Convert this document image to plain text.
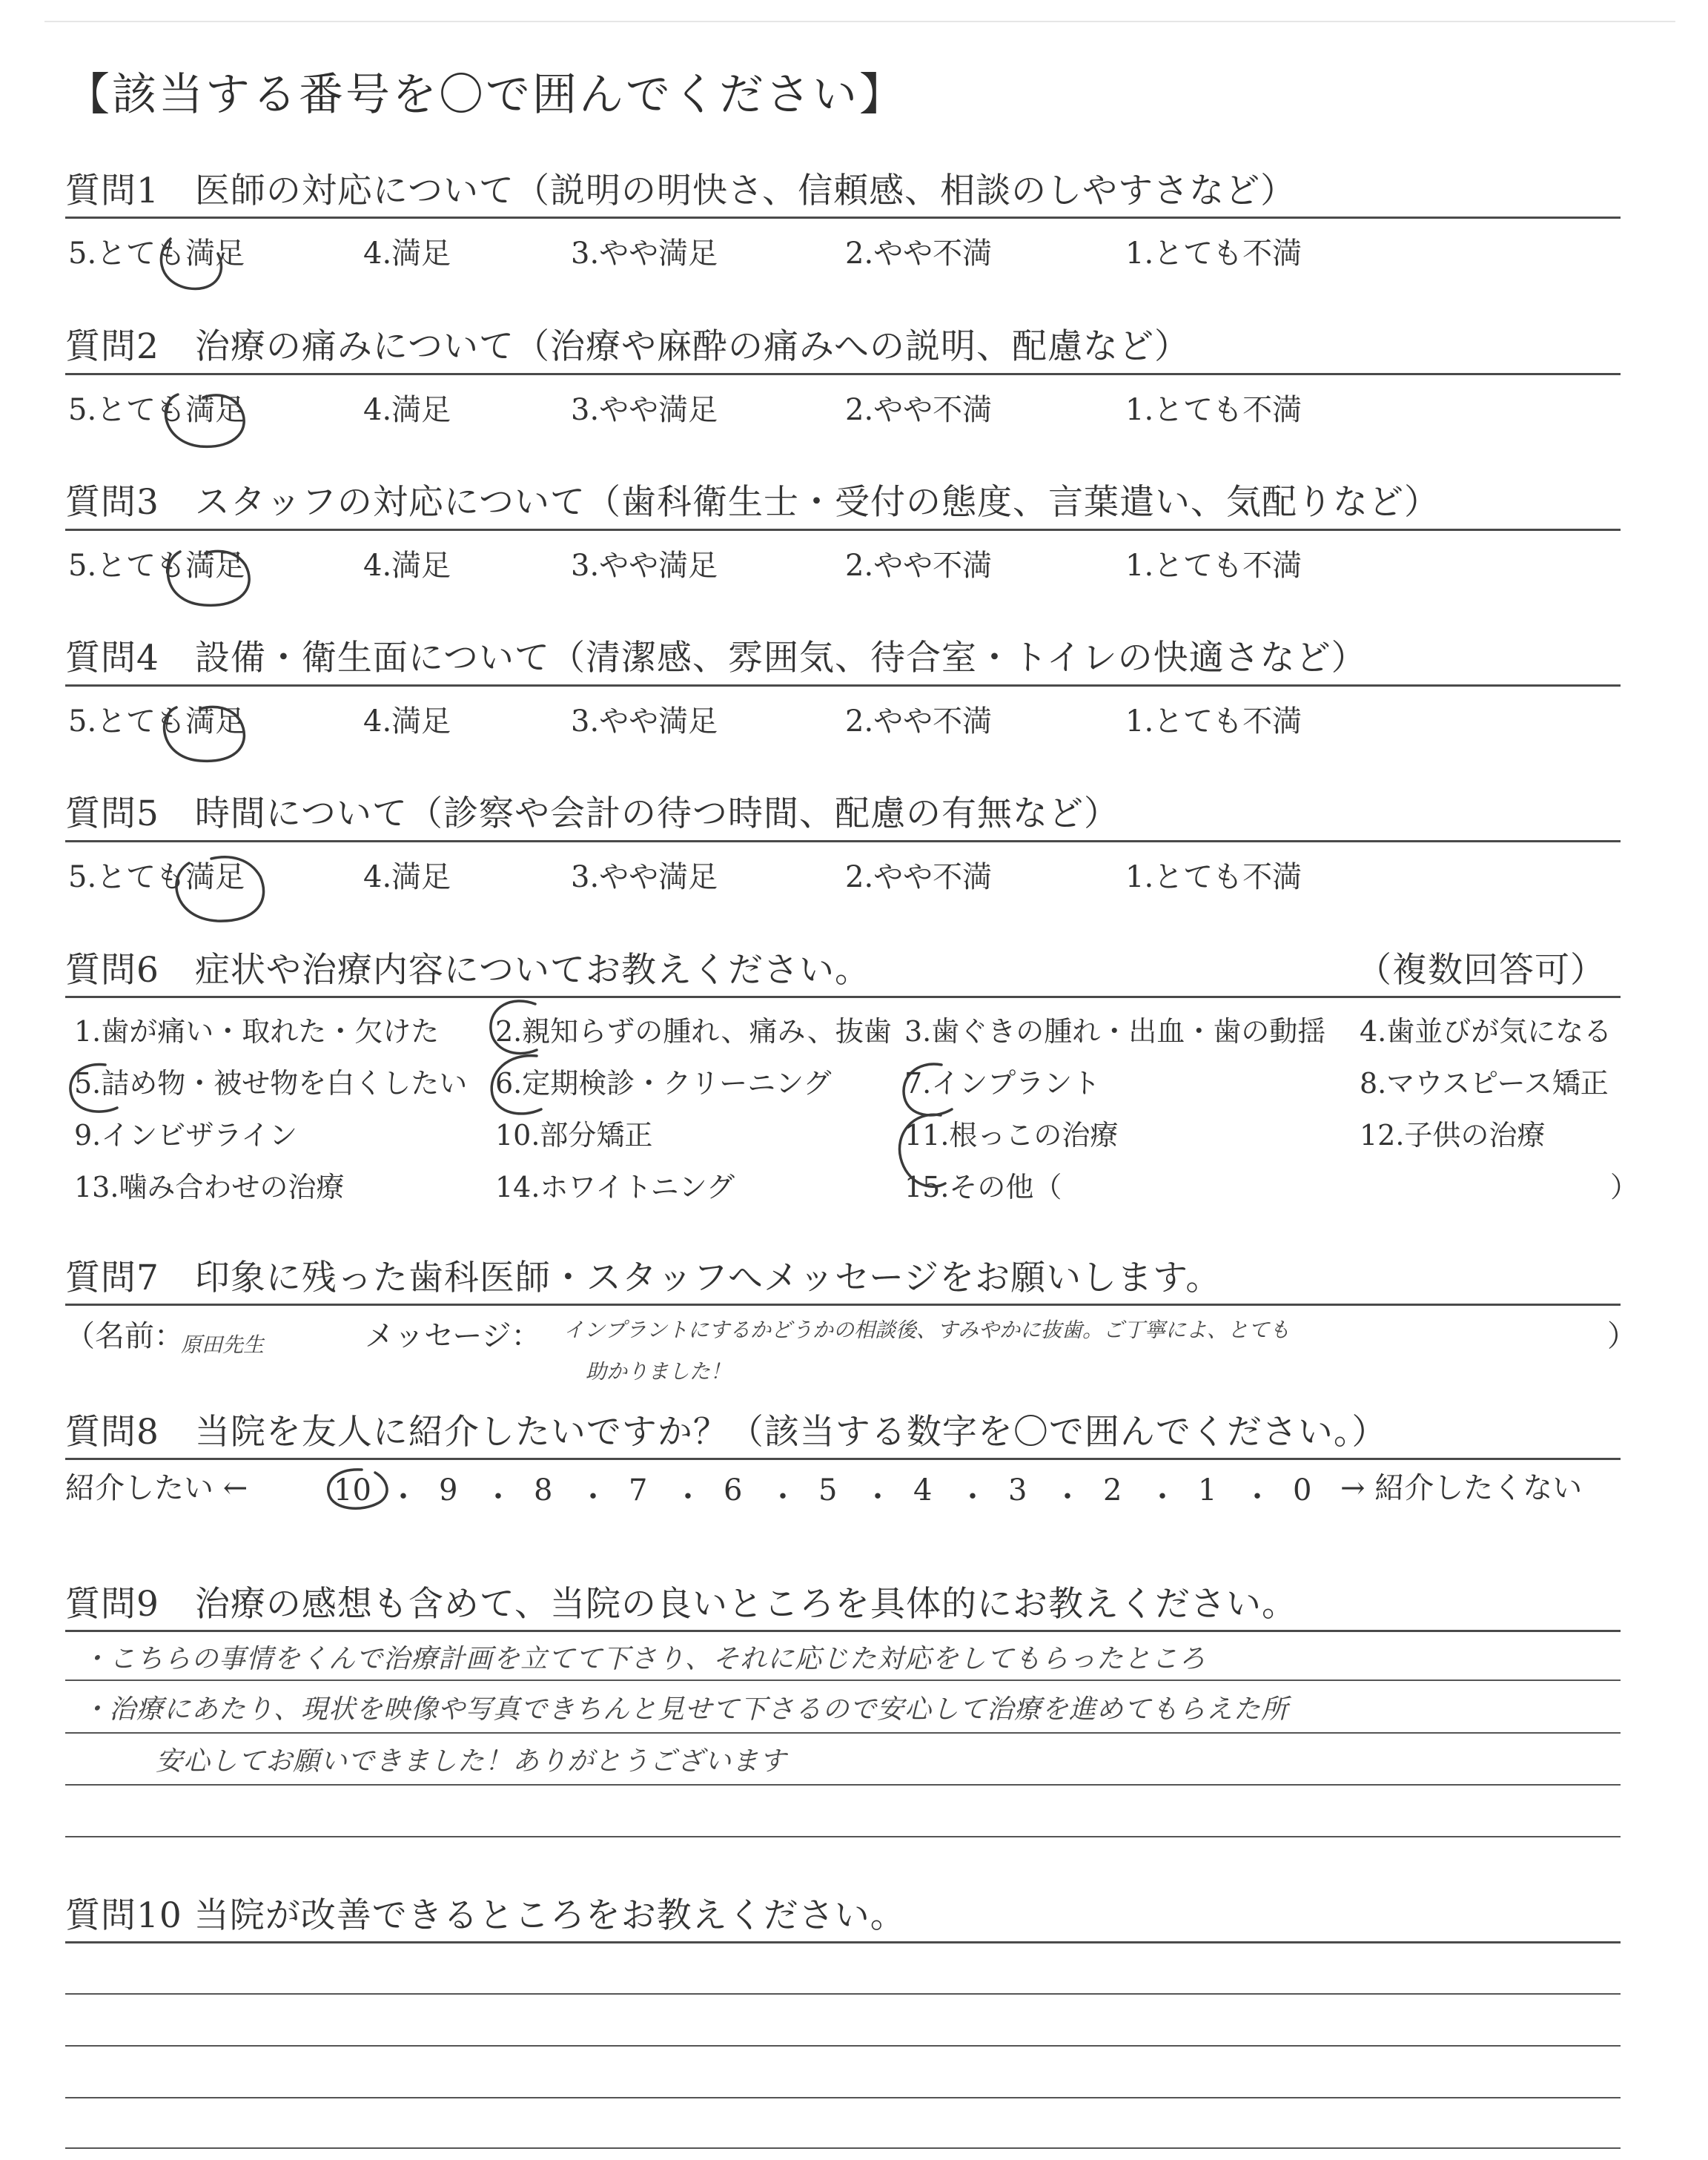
【該当する番号を〇で囲んでください】
質問1　医師の対応について（説明の明快さ、信頼感、相談のしやすさなど）
5.とても満足	4.満足	3.やや満足	2.やや不満	1.とても不満
質問2　治療の痛みについて（治療や麻酔の痛みへの説明、配慮など）
5.とても満足	4.満足	3.やや満足	2.やや不満	1.とても不満
質問3　スタッフの対応について（歯科衛生士・受付の態度、言葉遣い、気配りなど）
5.とても満足	4.満足	3.やや満足	2.やや不満	1.とても不満
質問4　設備・衛生面について（清潔感、雰囲気、待合室・トイレの快適さなど）
5.とても満足	4.満足	3.やや満足	2.やや不満	1.とても不満
質問5　時間について（診察や会計の待つ時間、配慮の有無など）
5.とても満足	4.満足	3.やや満足	2.やや不満	1.とても不満
質問6　症状や治療内容についてお教えください。	（複数回答可）
1.歯が痛い・取れた・欠けた 2.親知らずの腫れ、痛み、抜歯 3.歯ぐきの腫れ・出血・歯の動揺 4.歯並びが気になる
5.詰め物・被せ物を白くしたい 6.定期検診・クリーニング	7.インプラント	8.マウスピース矯正
9.インビザライン	10.部分矯正	11.根っこの治療	12.子供の治療
13.噛み合わせの治療	14.ホワイトニング	15.その他（	）
質問7　印象に残った歯科医師・スタッフへメッセージをお願いします。
（名前：
原田先生	メッセージ： インプラントにするかどうかの相談後、すみやかに抜歯。ご丁寧によ、とても
助かりました！
）
質問8　当院を友人に紹介したいですか？（該当する数字を〇で囲んでください。）
紹介したい ←	→ 紹介したくない
10 ・ 9 ・ 8 ・ 7 ・ 6 ・ 5 ・ 4 ・ 3 ・ 2 ・ 1 ・ 0
質問9　治療の感想も含めて、当院の良いところを具体的にお教えください。
・こちらの事情をくんで治療計画を立てて下さり、それに応じた対応をしてもらったところ
・治療にあたり、現状を映像や写真できちんと見せて下さるので安心して治療を進めてもらえた所
安心してお願いできました！ありがとうございます
質問10 当院が改善できるところをお教えください。
